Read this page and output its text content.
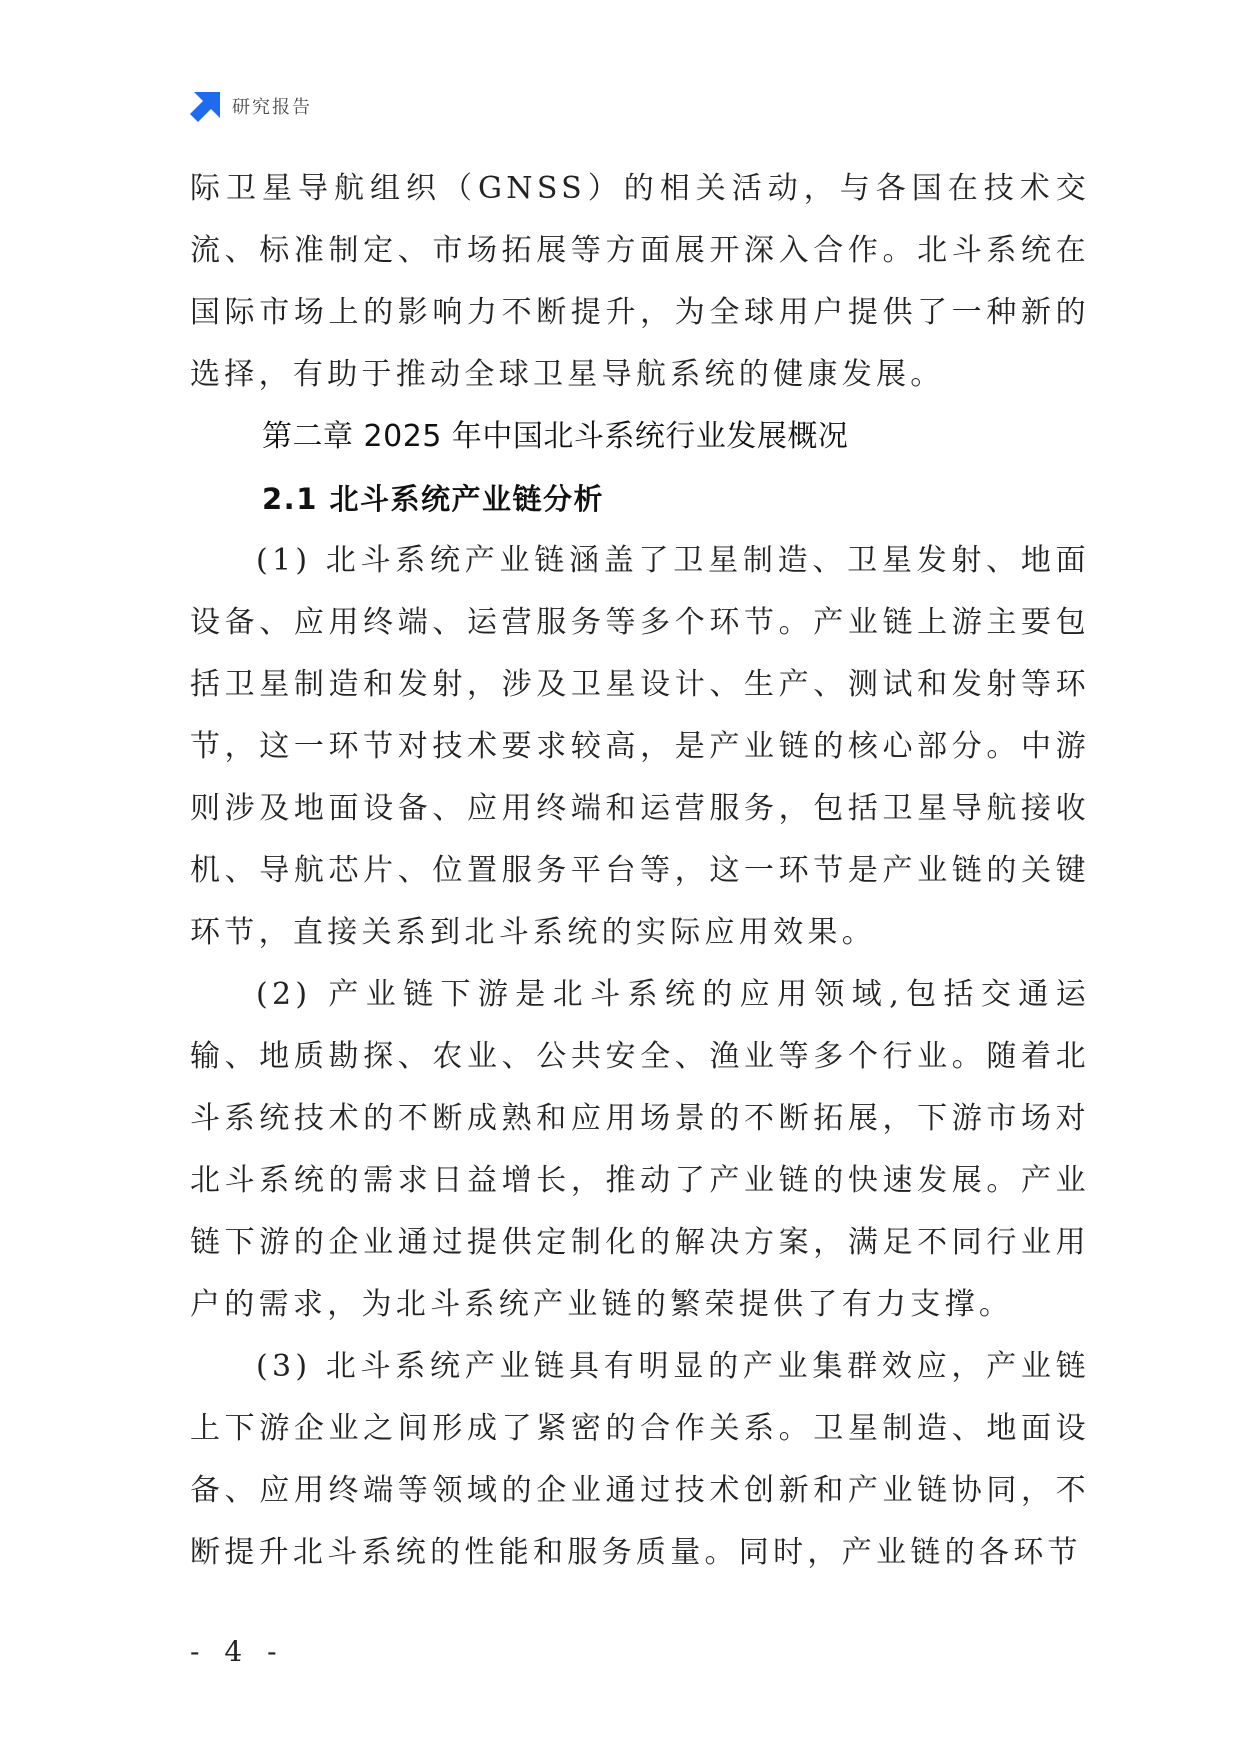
研究报告

际卫星导航组织（GNSS）的相关活动，与各国在技术交流、标准制定、市场拓展等方面展开深入合作。北斗系统在国际市场上的影响力不断提升，为全球用户提供了一种新的选择，有助于推动全球卫星导航系统的健康发展。

第二章 2025 年中国北斗系统行业发展概况
2.1 北斗系统产业链分析

(1) 北斗系统产业链涵盖了卫星制造、卫星发射、地面设备、应用终端、运营服务等多个环节。产业链上游主要包括卫星制造和发射，涉及卫星设计、生产、测试和发射等环节，这一环节对技术要求较高，是产业链的核心部分。中游则涉及地面设备、应用终端和运营服务，包括卫星导航接收机、导航芯片、位置服务平台等，这一环节是产业链的关键环节，直接关系到北斗系统的实际应用效果。

(2) 产业链下游是北斗系统的应用领域,包括交通运输、地质勘探、农业、公共安全、渔业等多个行业。随着北斗系统技术的不断成熟和应用场景的不断拓展，下游市场对北斗系统的需求日益增长，推动了产业链的快速发展。产业链下游的企业通过提供定制化的解决方案，满足不同行业用户的需求，为北斗系统产业链的繁荣提供了有力支撑。

(3) 北斗系统产业链具有明显的产业集群效应，产业链上下游企业之间形成了紧密的合作关系。卫星制造、地面设备、应用终端等领域的企业通过技术创新和产业链协同，不断提升北斗系统的性能和服务质量。同时，产业链的各环节

- 4 -
